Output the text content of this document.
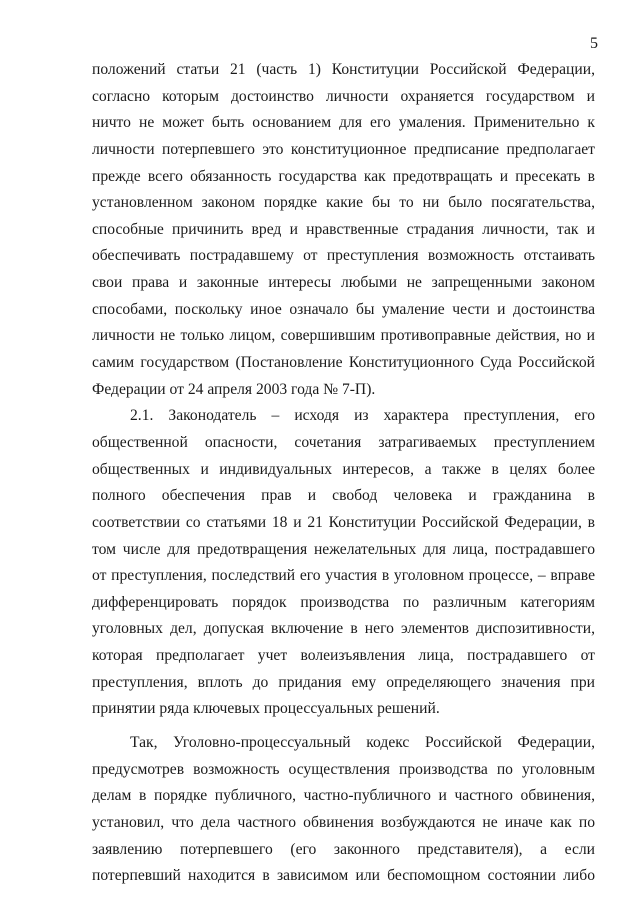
5
положений статьи 21 (часть 1) Конституции Российской Федерации,
согласно которым достоинство личности охраняется государством и
ничто не может быть основанием для его умаления. Применительно к
личности потерпевшего это конституционное предписание предполагает
прежде всего обязанность государства как предотвращать и пресекать в
установленном законом порядке какие бы то ни было посягательства,
способные причинить вред и нравственные страдания личности, так и
обеспечивать пострадавшему от преступления возможность отстаивать
свои права и законные интересы любыми не запрещенными законом
способами, поскольку иное означало бы умаление чести и достоинства
личности не только лицом, совершившим противоправные действия, но и
самим государством (Постановление Конституционного Суда Российской
Федерации от 24 апреля 2003 года № 7-П).
2.1. Законодатель – исходя из характера преступления, его
общественной опасности, сочетания затрагиваемых преступлением
общественных и индивидуальных интересов, а также в целях более
полного обеспечения прав и свобод человека и гражданина в
соответствии со статьями 18 и 21 Конституции Российской Федерации, в
том числе для предотвращения нежелательных для лица, пострадавшего
от преступления, последствий его участия в уголовном процессе, – вправе
дифференцировать порядок производства по различным категориям
уголовных дел, допуская включение в него элементов диспозитивности,
которая предполагает учет волеизъявления лица, пострадавшего от
преступления, вплоть до придания ему определяющего значения при
принятии ряда ключевых процессуальных решений.
Так, Уголовно-процессуальный кодекс Российской Федерации,
предусмотрев возможность осуществления производства по уголовным
делам в порядке публичного, частно-публичного и частного обвинения,
установил, что дела частного обвинения возбуждаются не иначе как по
заявлению потерпевшего (его законного представителя), а если
потерпевший находится в зависимом или беспомощном состоянии либо
